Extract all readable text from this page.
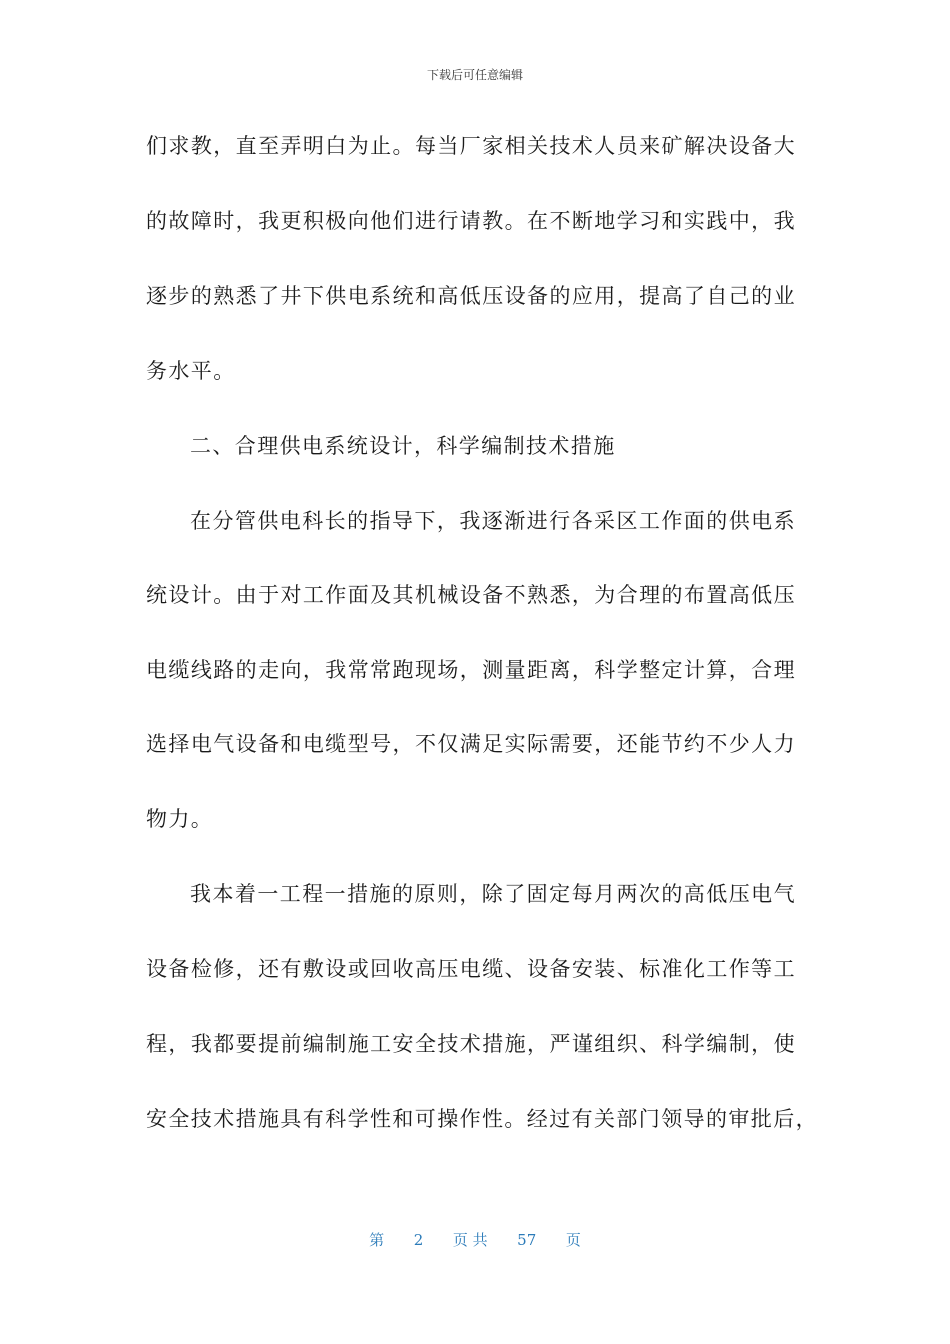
下载后可任意编辑
们求教，直至弄明白为止。每当厂家相关技术人员来矿解决设备大
的故障时，我更积极向他们进行请教。在不断地学习和实践中，我
逐步的熟悉了井下供电系统和高低压设备的应用，提高了自己的业
务水平。
二、合理供电系统设计，科学编制技术措施
在分管供电科长的指导下，我逐渐进行各采区工作面的供电系
统设计。由于对工作面及其机械设备不熟悉，为合理的布置高低压
电缆线路的走向，我常常跑现场，测量距离，科学整定计算，合理
选择电气设备和电缆型号，不仅满足实际需要，还能节约不少人力
物力。
我本着一工程一措施的原则，除了固定每月两次的高低压电气
设备检修，还有敷设或回收高压电缆、设备安装、标准化工作等工
程，我都要提前编制施工安全技术措施，严谨组织、科学编制，使
安全技术措施具有科学性和可操作性。经过有关部门领导的审批后，
第 2 页 共 57 页
